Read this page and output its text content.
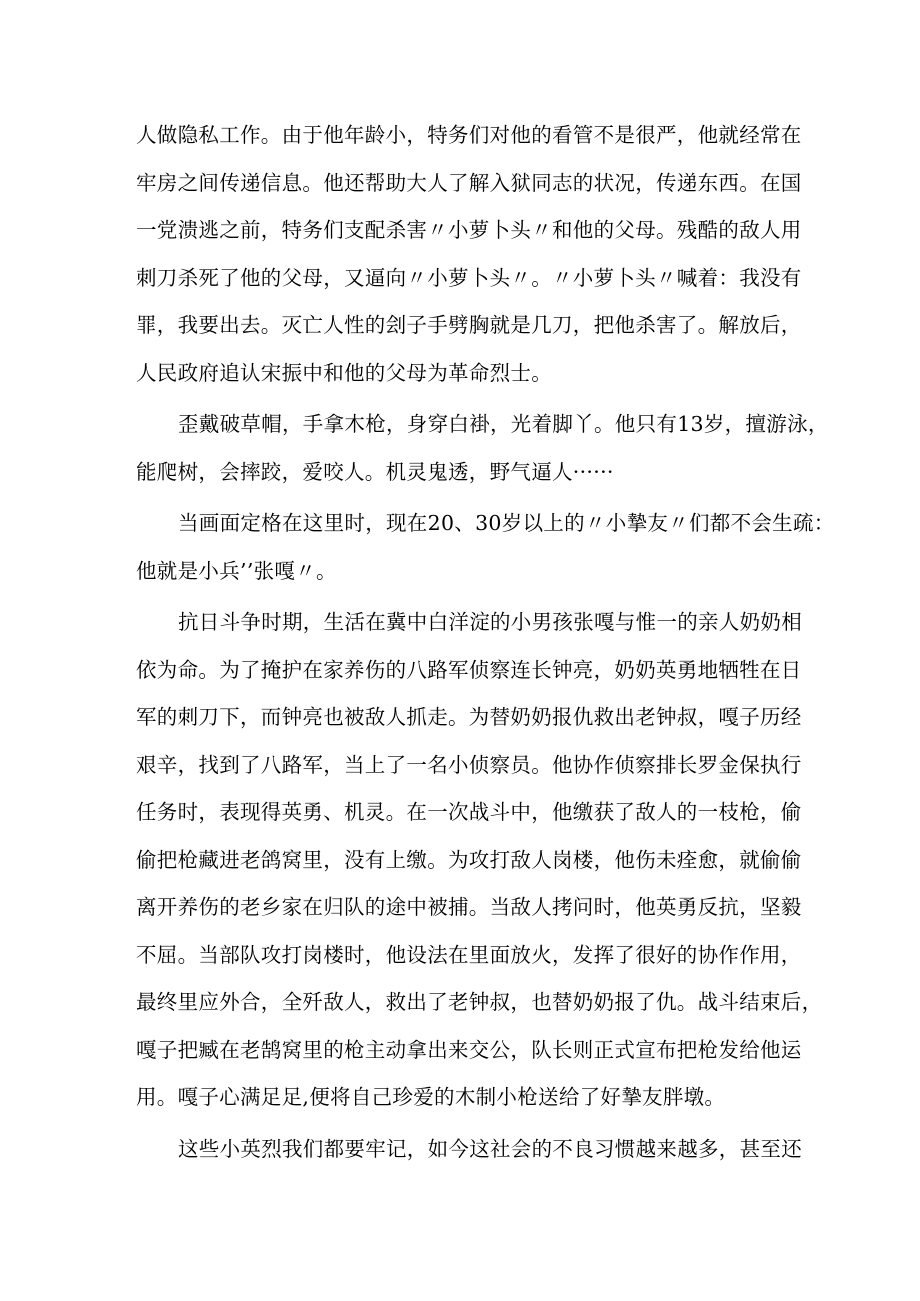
人做隐私工作。由于他年龄小，特务们对他的看管不是很严，他就经常在
牢房之间传递信息。他还帮助大人了解入狱同志的状况，传递东西。在国
一党溃逃之前，特务们支配杀害〃小萝卜头〃和他的父母。残酷的敌人用
刺刀杀死了他的父母，又逼向〃小萝卜头〃。〃小萝卜头〃喊着：我没有
罪，我要出去。灭亡人性的刽子手劈胸就是几刀，把他杀害了。解放后，
人民政府追认宋振中和他的父母为革命烈士。
歪戴破草帽，手拿木枪，身穿白褂，光着脚丫。他只有13岁，擅游泳，
能爬树，会摔跤，爱咬人。机灵鬼透，野气逼人······
当画面定格在这里时，现在20、30岁以上的〃小摯友〃们都不会生疏：
他就是小兵’’张嘎〃。
抗日斗争时期，生活在冀中白洋淀的小男孩张嘎与惟一的亲人奶奶相
依为命。为了掩护在家养伤的八路军侦察连长钟亮，奶奶英勇地牺牲在日
军的刺刀下，而钟亮也被敌人抓走。为替奶奶报仇救出老钟叔，嘎子历经
艰辛，找到了八路军，当上了一名小侦察员。他协作侦察排长罗金保执行
任务时，表现得英勇、机灵。在一次战斗中，他缴获了敌人的一枝枪，偷
偷把枪藏进老鸽窝里，没有上缴。为攻打敌人岗楼，他伤未痊愈，就偷偷
离开养伤的老乡家在归队的途中被捕。当敌人拷问时，他英勇反抗，坚毅
不屈。当部队攻打岗楼时，他设法在里面放火，发挥了很好的协作作用，
最终里应外合，全歼敌人，救出了老钟叔，也替奶奶报了仇。战斗结束后，
嘎子把臧在老鹄窝里的枪主动拿出来交公，队长则正式宣布把枪发给他运
用。嘎子心满足足,便将自己珍爱的木制小枪送给了好摯友胖墩。
这些小英烈我们都要牢记，如今这社会的不良习惯越来越多，甚至还
